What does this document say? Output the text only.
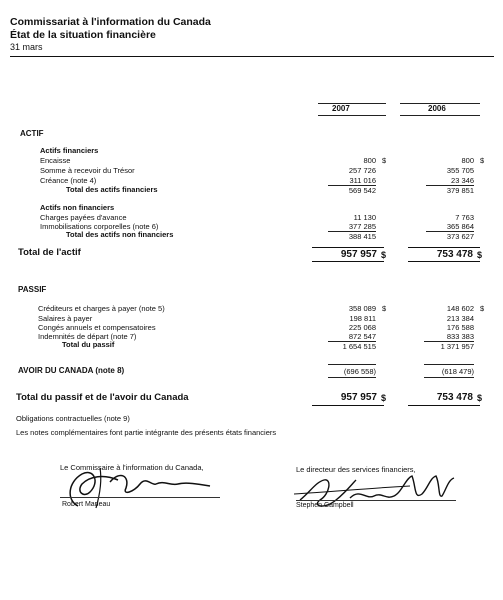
Commissariat à l'information du Canada
État de la situation financière
31 mars
2007	2006
ACTIF
Actifs financiers
Encaisse	800 $	800 $
Somme à recevoir du Trésor	257 726	355 705
Créance (note 4)	311 016	23 346
Total des actifs financiers	569 542	379 851
Actifs non financiers
Charges payées d'avance	11 130	7 763
Immobilisations corporelles (note 6)	377 285	365 864
Total des actifs non financiers	388 415	373 627
Total de l'actif	957 957 $	753 478 $
PASSIF
Créditeurs et charges à payer (note 5)	358 089 $	148 602 $
Salaires à payer	198 811	213 384
Congés annuels et compensatoires	225 068	176 588
Indemnités de départ (note 7)	872 547	833 383
Total du passif	1 654 515	1 371 957
AVOIR DU CANADA (note 8)	(696 558)	(618 479)
Total du passif et de l'avoir du Canada	957 957 $	753 478 $
Obligations contractuelles (note 9)
Les notes complémentaires font partie intégrante des présents états financiers
Le Commissaire à l'information du Canada,
Robert Marleau
Le directeur des services financiers,
Stephen Campbell
